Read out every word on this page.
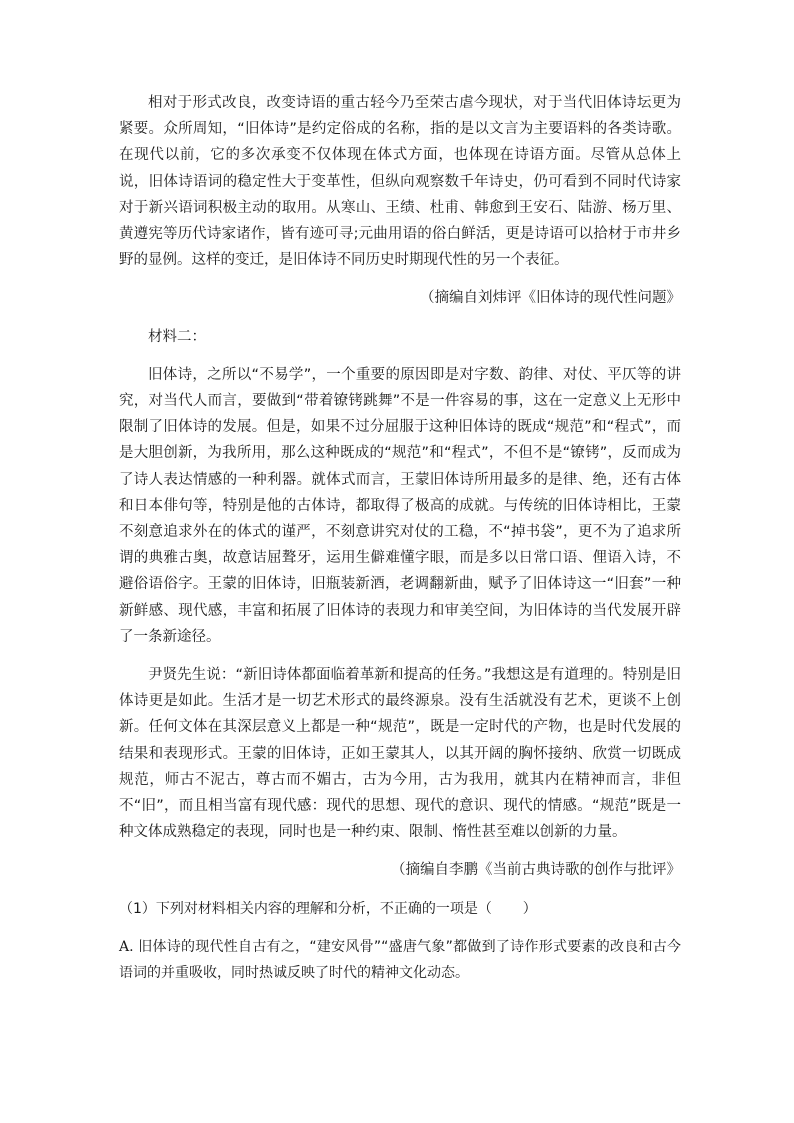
相对于形式改良，改变诗语的重古轻今乃至荣古虐今现状，对于当代旧体诗坛更为紧要。众所周知，“旧体诗”是约定俗成的名称，指的是以文言为主要语料的各类诗歌。在现代以前，它的多次承变不仅体现在体式方面，也体现在诗语方面。尽管从总体上说，旧体诗语词的稳定性大于变革性，但纵向观察数千年诗史，仍可看到不同时代诗家对于新兴语词积极主动的取用。从寒山、王绩、杜甫、韩愈到王安石、陆游、杨万里、黄遵宪等历代诗家诸作，皆有迹可寻;元曲用语的俗白鲜活，更是诗语可以拾材于市井乡野的显例。这样的变迁，是旧体诗不同历史时期现代性的另一个表征。

（摘编自刘炜评《旧体诗的现代性问题》

材料二：

旧体诗，之所以“不易学”，一个重要的原因即是对字数、韵律、对仗、平仄等的讲究，对当代人而言，要做到“带着镣铐跳舞”不是一件容易的事，这在一定意义上无形中限制了旧体诗的发展。但是，如果不过分屈服于这种旧体诗的既成“规范”和“程式”，而是大胆创新，为我所用，那么这种既成的“规范”和“程式”，不但不是“镣铐”，反而成为了诗人表达情感的一种利器。就体式而言，王蒙旧体诗所用最多的是律、绝，还有古体和日本俳句等，特别是他的古体诗，都取得了极高的成就。与传统的旧体诗相比，王蒙不刻意追求外在的体式的谨严，不刻意讲究对仗的工稳，不“掉书袋”，更不为了追求所谓的典雅古奥，故意诘屈聱牙，运用生僻难懂字眼，而是多以日常口语、俚语入诗，不避俗语俗字。王蒙的旧体诗，旧瓶装新酒，老调翻新曲，赋予了旧体诗这一“旧套”一种新鲜感、现代感，丰富和拓展了旧体诗的表现力和审美空间，为旧体诗的当代发展开辟了一条新途径。

尹贤先生说：“新旧诗体都面临着革新和提高的任务。”我想这是有道理的。特别是旧体诗更是如此。生活才是一切艺术形式的最终源泉。没有生活就没有艺术，更谈不上创新。任何文体在其深层意义上都是一种“规范”，既是一定时代的产物，也是时代发展的结果和表现形式。王蒙的旧体诗，正如王蒙其人，以其开阔的胸怀接纳、欣赏一切既成规范，师古不泥古，尊古而不媚古，古为今用，古为我用，就其内在精神而言，非但不“旧”，而且相当富有现代感：现代的思想、现代的意识、现代的情感。“规范”既是一种文体成熟稳定的表现，同时也是一种约束、限制、惰性甚至难以创新的力量。

（摘编自李鹏《当前古典诗歌的创作与批评》

（1）下列对材料相关内容的理解和分析，不正确的一项是（ ）

A. 旧体诗的现代性自古有之，“建安风骨”“盛唐气象”都做到了诗作形式要素的改良和古今语词的并重吸收，同时热诚反映了时代的精神文化动态。
